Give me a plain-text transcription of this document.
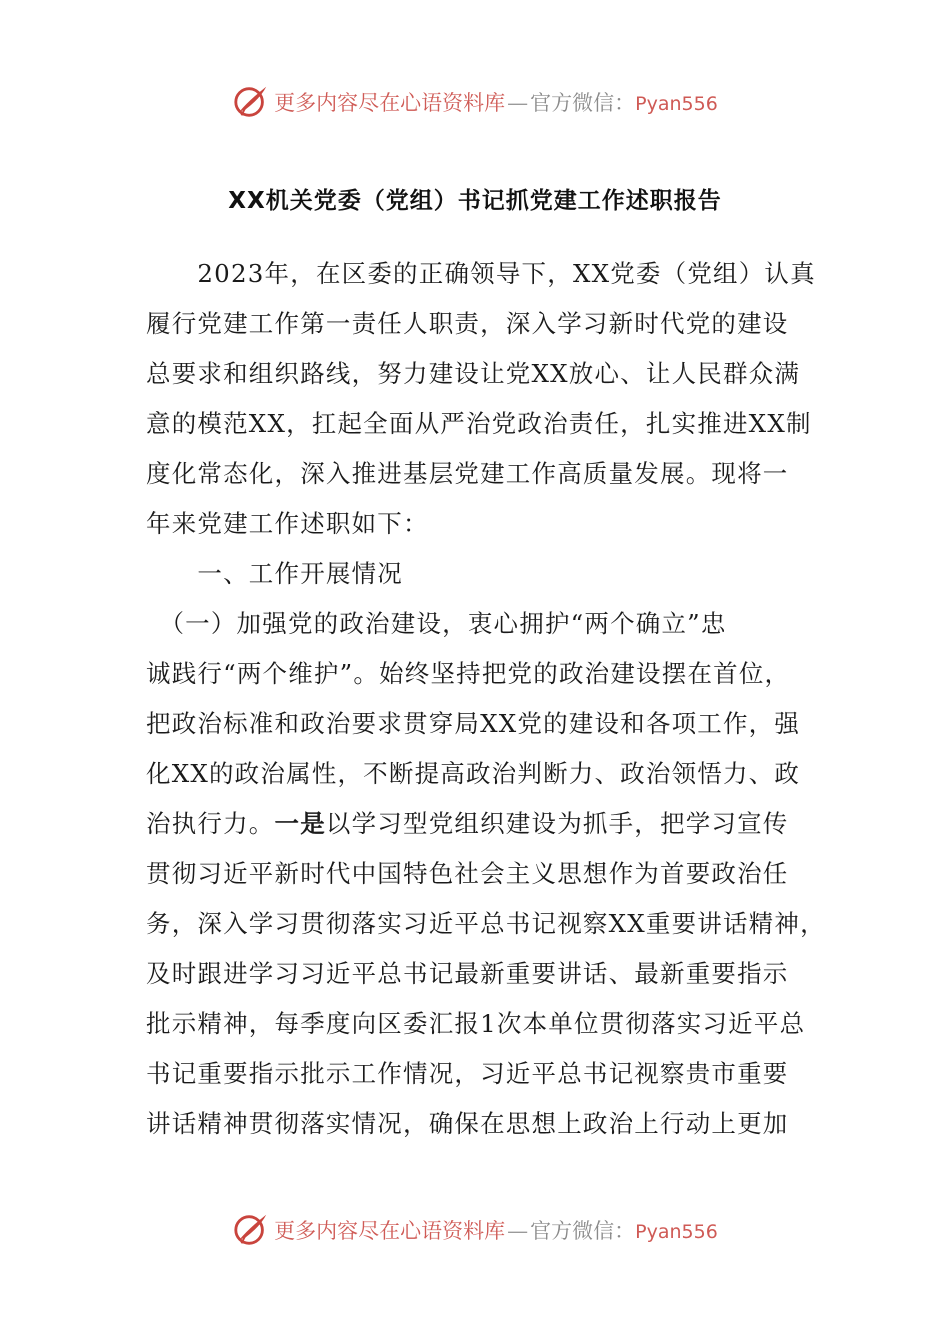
更多内容尽在心语资料库—官方微信：Pyan556
XX机关党委（党组）书记抓党建工作述职报告
　　2023年，在区委的正确领导下，XX党委（党组）认真
履行党建工作第一责任人职责，深入学习新时代党的建设
总要求和组织路线，努力建设让党XX放心、让人民群众满
意的模范XX，扛起全面从严治党政治责任，扎实推进XX制
度化常态化，深入推进基层党建工作高质量发展。现将一
年来党建工作述职如下：
　　一、工作开展情况
　（一）加强党的政治建设，衷心拥护“两个确立”忠
诚践行“两个维护”。始终坚持把党的政治建设摆在首位，
把政治标准和政治要求贯穿局XX党的建设和各项工作，强
化XX的政治属性，不断提高政治判断力、政治领悟力、政
治执行力。一是以学习型党组织建设为抓手，把学习宣传
贯彻习近平新时代中国特色社会主义思想作为首要政治任
务，深入学习贯彻落实习近平总书记视察XX重要讲话精神，
及时跟进学习习近平总书记最新重要讲话、最新重要指示
批示精神，每季度向区委汇报1次本单位贯彻落实习近平总
书记重要指示批示工作情况，习近平总书记视察贵市重要
讲话精神贯彻落实情况，确保在思想上政治上行动上更加
更多内容尽在心语资料库—官方微信：Pyan556
